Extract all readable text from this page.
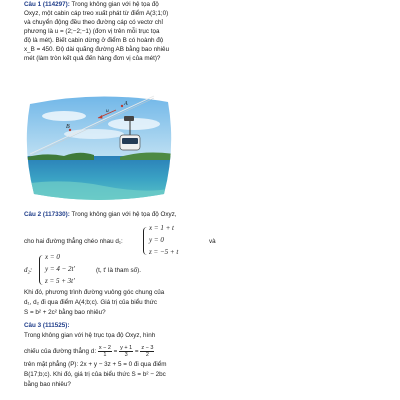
Câu 1 (114297): Trong không gian với hệ tọa độ
Oxyz, một cabin cáp treo xuất phát từ điểm A(3;1;0)
và chuyển động đều theo đường cáp có vectơ chỉ
phương là u = (2;−2;−1) (đơn vị trên mỗi trục tọa
độ là mét). Biết cabin dừng ở điểm B có hoành độ
x_B = 450. Độ dài quãng đường AB bằng bao nhiêu
mét (làm tròn kết quả đến hàng đơn vị của mét)?
B
A
u
Câu 2 (117330): Trong không gian với hệ tọa độ Oxyz,
cho hai đường thẳng chéo nhau d₁:
x = 1 + t
y = 0
z = −5 + t
và
d₂:
x = 0
y = 4 − 2t'
z = 5 + 3t'
(t, t' là tham số).
Khi đó, phương trình đường vuông góc chung của
d₁, d₂ đi qua điểm A(4;b;c). Giá trị của biểu thức
S = b² + 2c² bằng bao nhiêu?
Câu 3 (111525):
Trong không gian với hệ trục tọa độ Oxyz, hình
chiếu của đường thẳng d: $\frac{x - 2}{1} = \frac{y + 1}{3} = \frac{z - 3}{2}$
trên mặt phẳng (P): 2x + y − 3z + 5 = 0 đi qua điểm
B(17;b;c). Khi đó, giá trị của biểu thức S = b² − 2bc
bằng bao nhiêu?
